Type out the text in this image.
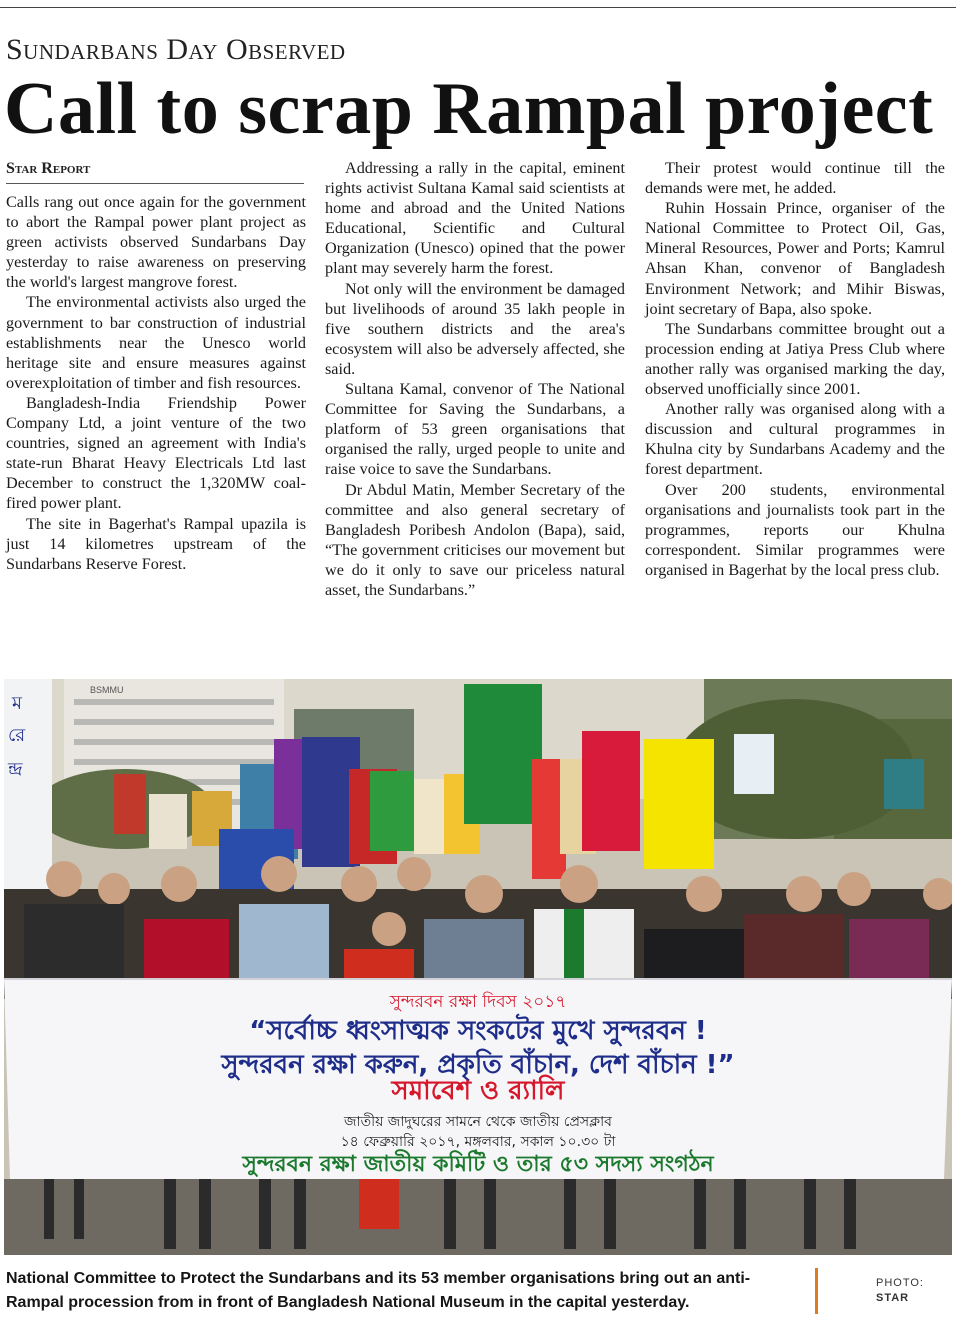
Sundarbans Day Observed
Call to scrap Rampal project
Star Report

Calls rang out once again for the government to abort the Rampal power plant project as green activists observed Sundarbans Day yesterday to raise awareness on preserving the world's largest mangrove forest.

The environmental activists also urged the government to bar construction of industrial establishments near the Unesco world heritage site and ensure measures against overexploitation of timber and fish resources.

Bangladesh-India Friendship Power Company Ltd, a joint venture of the two countries, signed an agreement with India's state-run Bharat Heavy Electricals Ltd last December to construct the 1,320MW coal-fired power plant.

The site in Bagerhat's Rampal upazila is just 14 kilometres upstream of the Sundarbans Reserve Forest.

Addressing a rally in the capital, eminent rights activist Sultana Kamal said scientists at home and abroad and the United Nations Educational, Scientific and Cultural Organization (Unesco) opined that the power plant may severely harm the forest.

Not only will the environment be damaged but livelihoods of around 35 lakh people in five southern districts and the area's ecosystem will also be adversely affected, she said.

Sultana Kamal, convenor of The National Committee for Saving the Sundarbans, a platform of 53 green organisations that organised the rally, urged people to unite and raise voice to save the Sundarbans.

Dr Abdul Matin, Member Secretary of the committee and also general secretary of Bangladesh Poribesh Andolon (Bapa), said, “The government criticises our movement but we do it only to save our priceless natural asset, the Sundarbans.”

Their protest would continue till the demands were met, he added.

Ruhin Hossain Prince, organiser of the National Committee to Protect Oil, Gas, Mineral Resources, Power and Ports; Kamrul Ahsan Khan, convenor of Bangladesh Environment Network; and Mihir Biswas, joint secretary of Bapa, also spoke.

The Sundarbans committee brought out a procession ending at Jatiya Press Club where another rally was organised marking the day, observed unofficially since 2001.

Another rally was organised along with a discussion and cultural programmes in Khulna city by Sundarbans Academy and the forest department.

Over 200 students, environmental organisations and journalists took part in the programmes, reports our Khulna correspondent. Similar programmes were organised in Bagerhat by the local press club.

BSMMU
ম
রে
ন্দ্র
সুন্দরবন রক্ষা দিবস ২০১৭
“সর্বোচ্চ ধ্বংসাত্মক সংকটের মুখে সুন্দরবন !
সুন্দরবন রক্ষা করুন, প্রকৃতি বাঁচান, দেশ বাঁচান !”
সমাবেশ ও র‍্যালি
জাতীয় জাদুঘরের সামনে থেকে জাতীয় প্রেসক্লাব
১৪ ফেব্রুয়ারি ২০১৭, মঙ্গলবার, সকাল ১০.৩০ টা
সুন্দরবন রক্ষা জাতীয় কমিটি ও তার ৫৩ সদস্য সংগঠন
National Committee to Protect the Sundarbans and its 53 member organisations bring out an anti-Rampal procession from in front of Bangladesh National Museum in the capital yesterday.
PHOTO:
STAR
